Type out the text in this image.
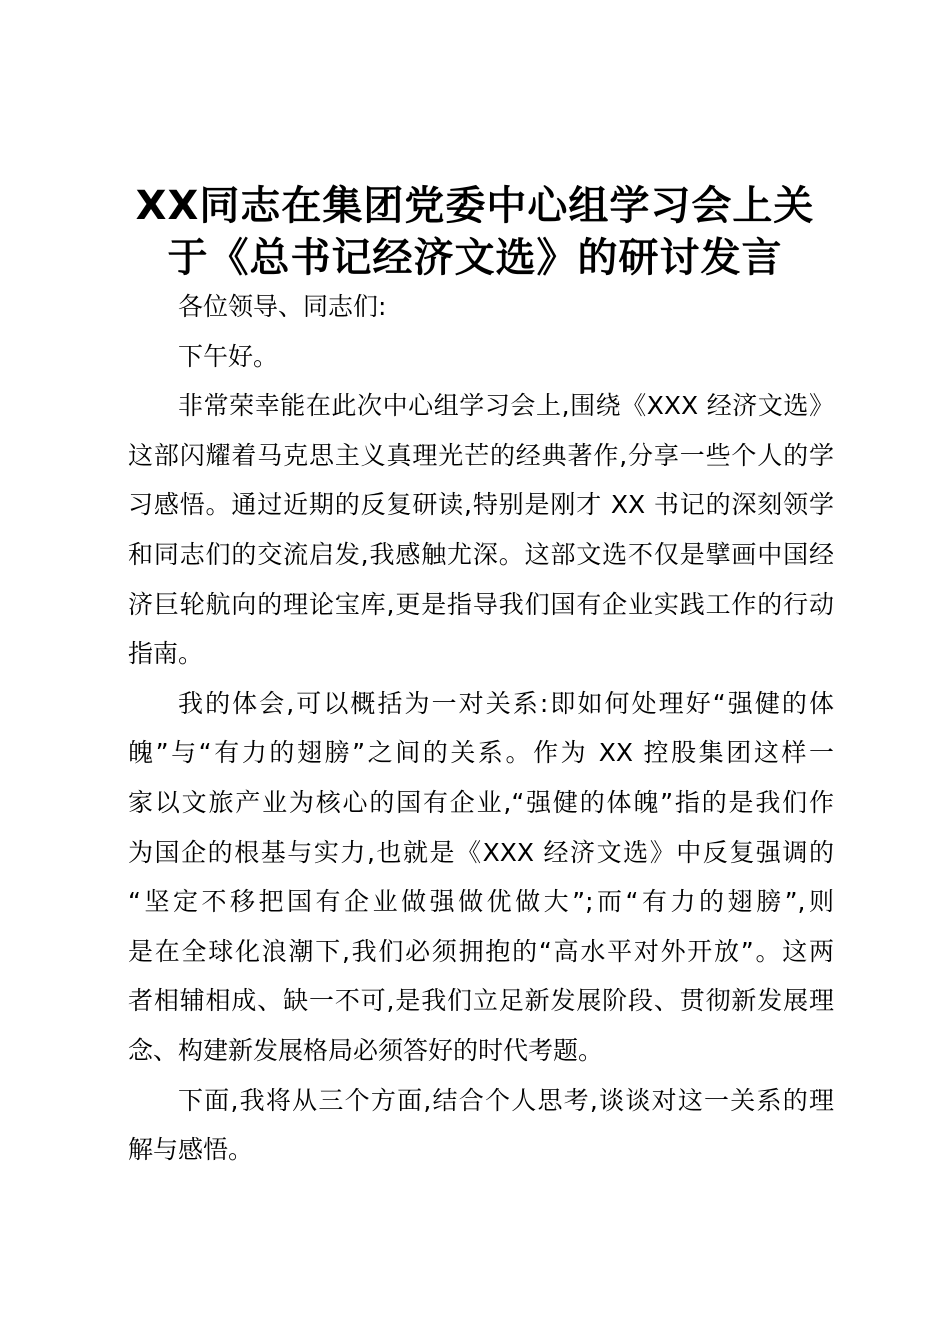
XX同志在集团党委中心组学习会上关
于《总书记经济文选》的研讨发言
各位领导、同志们:
下午好。
非常荣幸能在此次中心组学习会上,围绕《XXX 经济文选》
这部闪耀着马克思主义真理光芒的经典著作,分享一些个人的学
习感悟。通过近期的反复研读,特别是刚才 XX 书记的深刻领学
和同志们的交流启发,我感触尤深。这部文选不仅是擘画中国经
济巨轮航向的理论宝库,更是指导我们国有企业实践工作的行动
指南。
我的体会,可以概括为一对关系:即如何处理好“强健的体
魄”与“有力的翅膀”之间的关系。作为 XX 控股集团这样一
家以文旅产业为核心的国有企业,“强健的体魄”指的是我们作
为国企的根基与实力,也就是《XXX 经济文选》中反复强调的
“坚定不移把国有企业做强做优做大”;而“有力的翅膀”,则
是在全球化浪潮下,我们必须拥抱的“高水平对外开放”。这两
者相辅相成、缺一不可,是我们立足新发展阶段、贯彻新发展理
念、构建新发展格局必须答好的时代考题。
下面,我将从三个方面,结合个人思考,谈谈对这一关系的理
解与感悟。
